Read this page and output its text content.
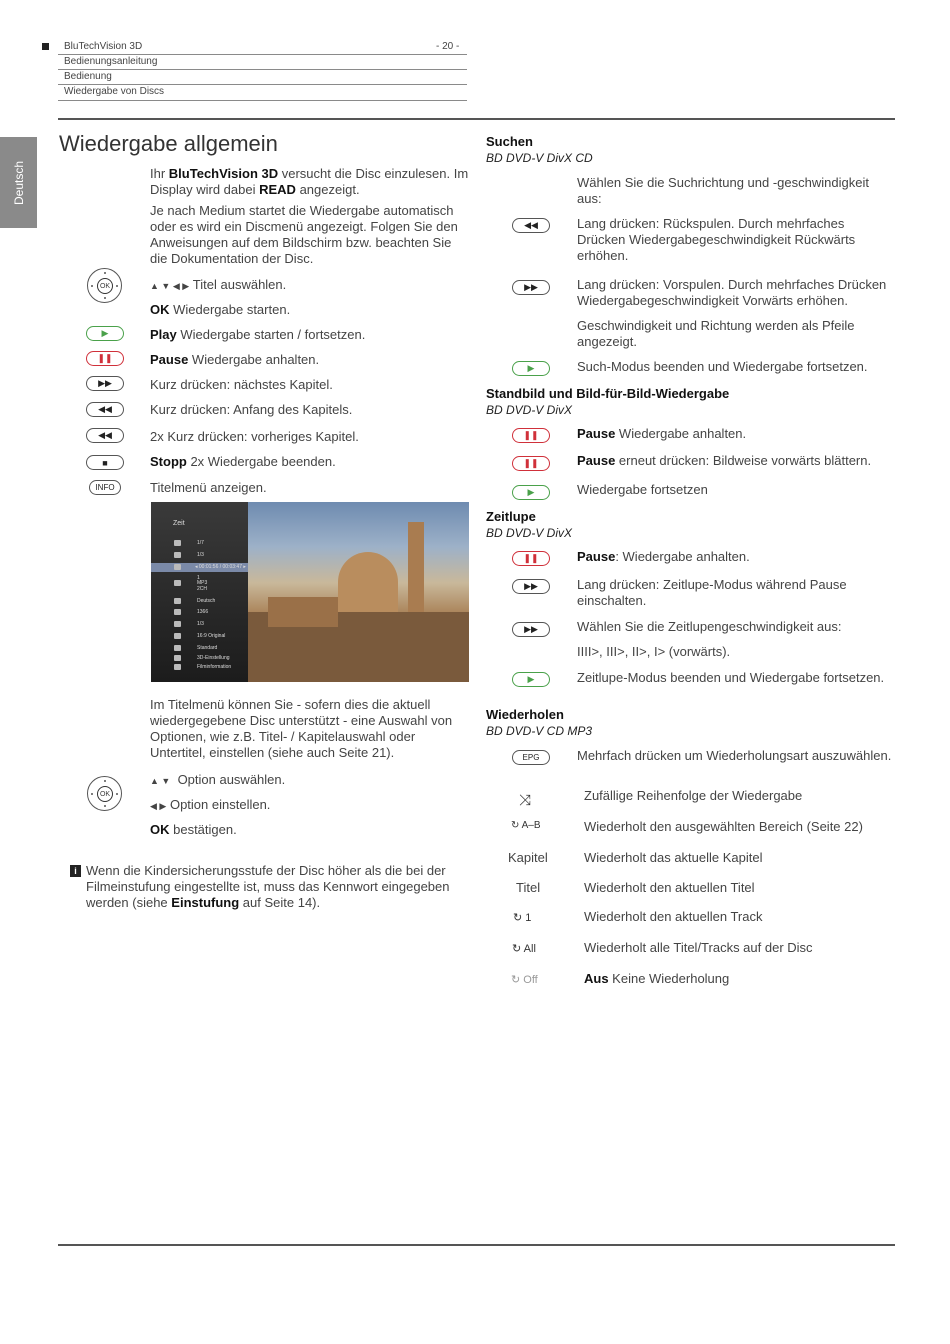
BluTechVision 3D	- 20 -
Bedienungsanleitung
Bedienung
Wiedergabe von Discs
Deutsch
Wiedergabe allgemein
Ihr BluTechVision 3D versucht die Disc einzulesen. Im Display wird dabei READ angezeigt.
Je nach Medium startet die Wiedergabe automatisch oder es wird ein Discmenü angezeigt. Folgen Sie den Anweisungen auf dem Bildschirm bzw. beachten Sie die Dokumentation der Disc.
OK	▲ ▼ ◀ ▶ Titel auswählen.
OK Wiedergabe starten.
▶	Play Wiedergabe starten / fortsetzen.
❚❚	Pause Wiedergabe anhalten.
▶▶	Kurz drücken: nächstes Kapitel.
◀◀	Kurz drücken: Anfang des Kapitels.
◀◀	2x Kurz drücken: vorheriges Kapitel.
■	Stopp 2x Wiedergabe beenden.
INFO	Titelmenü anzeigen.
Zeit
1/7
1/3
◂ 00:01:56 / 00:03:47 ▸
1
MP3
2CH
Deutsch
1366
1/3
16:9 Original
Standard
3D-Einstellung
Filminformation
Im Titelmenü können Sie - sofern dies die aktuell wiedergegebene Disc unterstützt - eine Auswahl von Optionen, wie z.B. Titel- / Kapitelauswahl oder Untertitel, einstellen (siehe auch Seite 21).
OK
▲ ▼ Option auswählen.
◀ ▶ Option einstellen.
OK bestätigen.
i Wenn die Kindersicherungsstufe der Disc höher als die bei der Filmeinstufung eingestellte ist, muss das Kennwort eingegeben werden (siehe Einstufung auf Seite 14).
Suchen
BD DVD-V DivX CD
Wählen Sie die Suchrichtung und -geschwindigkeit aus:
◀◀	Lang drücken: Rückspulen. Durch mehrfaches Drücken Wiedergabegeschwindigkeit Rückwärts erhöhen.
▶▶	Lang drücken: Vorspulen. Durch mehrfaches Drücken Wiedergabegeschwindigkeit Vorwärts erhöhen.
Geschwindigkeit und Richtung werden als Pfeile angezeigt.
▶	Such-Modus beenden und Wiedergabe fortsetzen.
Standbild und Bild-für-Bild-Wiedergabe
BD DVD-V DivX
❚❚	Pause Wiedergabe anhalten.
❚❚	Pause erneut drücken: Bildweise vorwärts blättern.
▶	Wiedergabe fortsetzen
Zeitlupe
BD DVD-V DivX
❚❚	Pause: Wiedergabe anhalten.
▶▶	Lang drücken: Zeitlupe-Modus während Pause einschalten.
▶▶	Wählen Sie die Zeitlupengeschwindigkeit aus:
IIII>, III>, II>, I> (vorwärts).
▶	Zeitlupe-Modus beenden und Wiedergabe fortsetzen.
Wiederholen
BD DVD-V CD MP3
EPG	Mehrfach drücken um Wiederholungsart auszuwählen.
⤨	Zufällige Reihenfolge der Wiedergabe
↻ A–B	Wiederholt den ausgewählten Bereich (Seite 22)
Kapitel	Wiederholt das aktuelle Kapitel
Titel	Wiederholt den aktuellen Titel
↻ 1	Wiederholt den aktuellen Track
↻ All	Wiederholt alle Titel/Tracks auf der Disc
↻ Off	Aus Keine Wiederholung
